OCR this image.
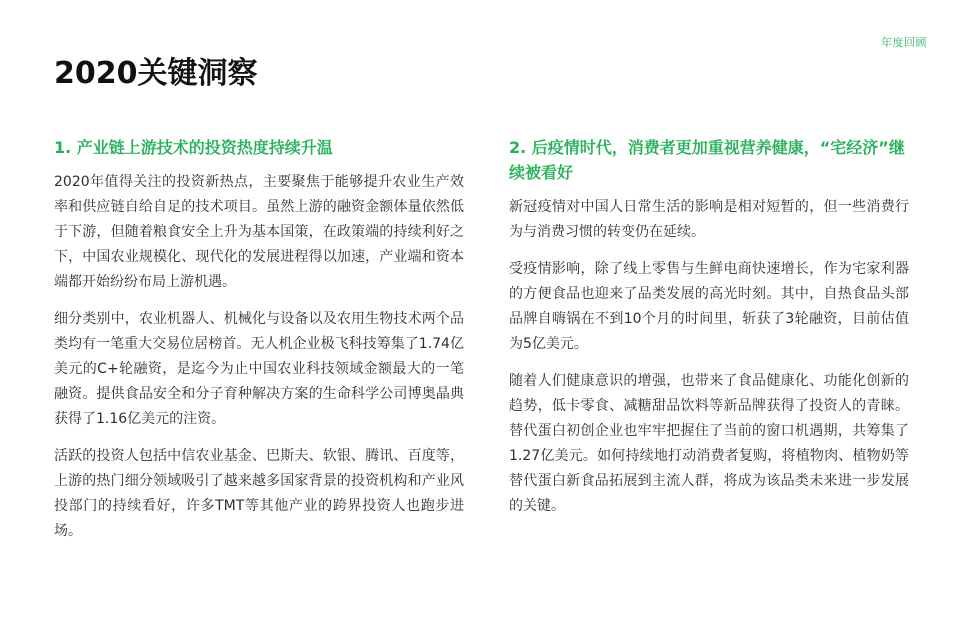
年度回顾
2020关键洞察
1. 产业链上游技术的投资热度持续升温

2020年值得关注的投资新热点，主要聚焦于能够提升农业生产效率和供应链自给自足的技术项目。虽然上游的融资金额体量依然低于下游，但随着粮食安全上升为基本国策，在政策端的持续利好之下，中国农业规模化、现代化的发展进程得以加速，产业端和资本端都开始纷纷布局上游机遇。

细分类别中，农业机器人、机械化与设备以及农用生物技术两个品类均有一笔重大交易位居榜首。无人机企业极飞科技筹集了1.74亿美元的C+轮融资，是迄今为止中国农业科技领域金额最大的一笔融资。提供食品安全和分子育种解决方案的生命科学公司博奥晶典获得了1.16亿美元的注资。

活跃的投资人包括中信农业基金、巴斯夫、软银、腾讯、百度等，上游的热门细分领域吸引了越来越多国家背景的投资机构和产业风投部门的持续看好，许多TMT等其他产业的跨界投资人也跑步进场。

2. 后疫情时代，消费者更加重视营养健康，“宅经济”继续被看好

新冠疫情对中国人日常生活的影响是相对短暂的，但一些消费行为与消费习惯的转变仍在延续。

受疫情影响，除了线上零售与生鲜电商快速增长，作为宅家利器的方便食品也迎来了品类发展的高光时刻。其中，自热食品头部品牌自嗨锅在不到10个月的时间里，斩获了3轮融资，目前估值为5亿美元。

随着人们健康意识的增强，也带来了食品健康化、功能化创新的趋势，低卡零食、减糖甜品饮料等新品牌获得了投资人的青睐。替代蛋白初创企业也牢牢把握住了当前的窗口机遇期，共筹集了1.27亿美元。如何持续地打动消费者复购，将植物肉、植物奶等替代蛋白新食品拓展到主流人群，将成为该品类未来进一步发展的关键。
